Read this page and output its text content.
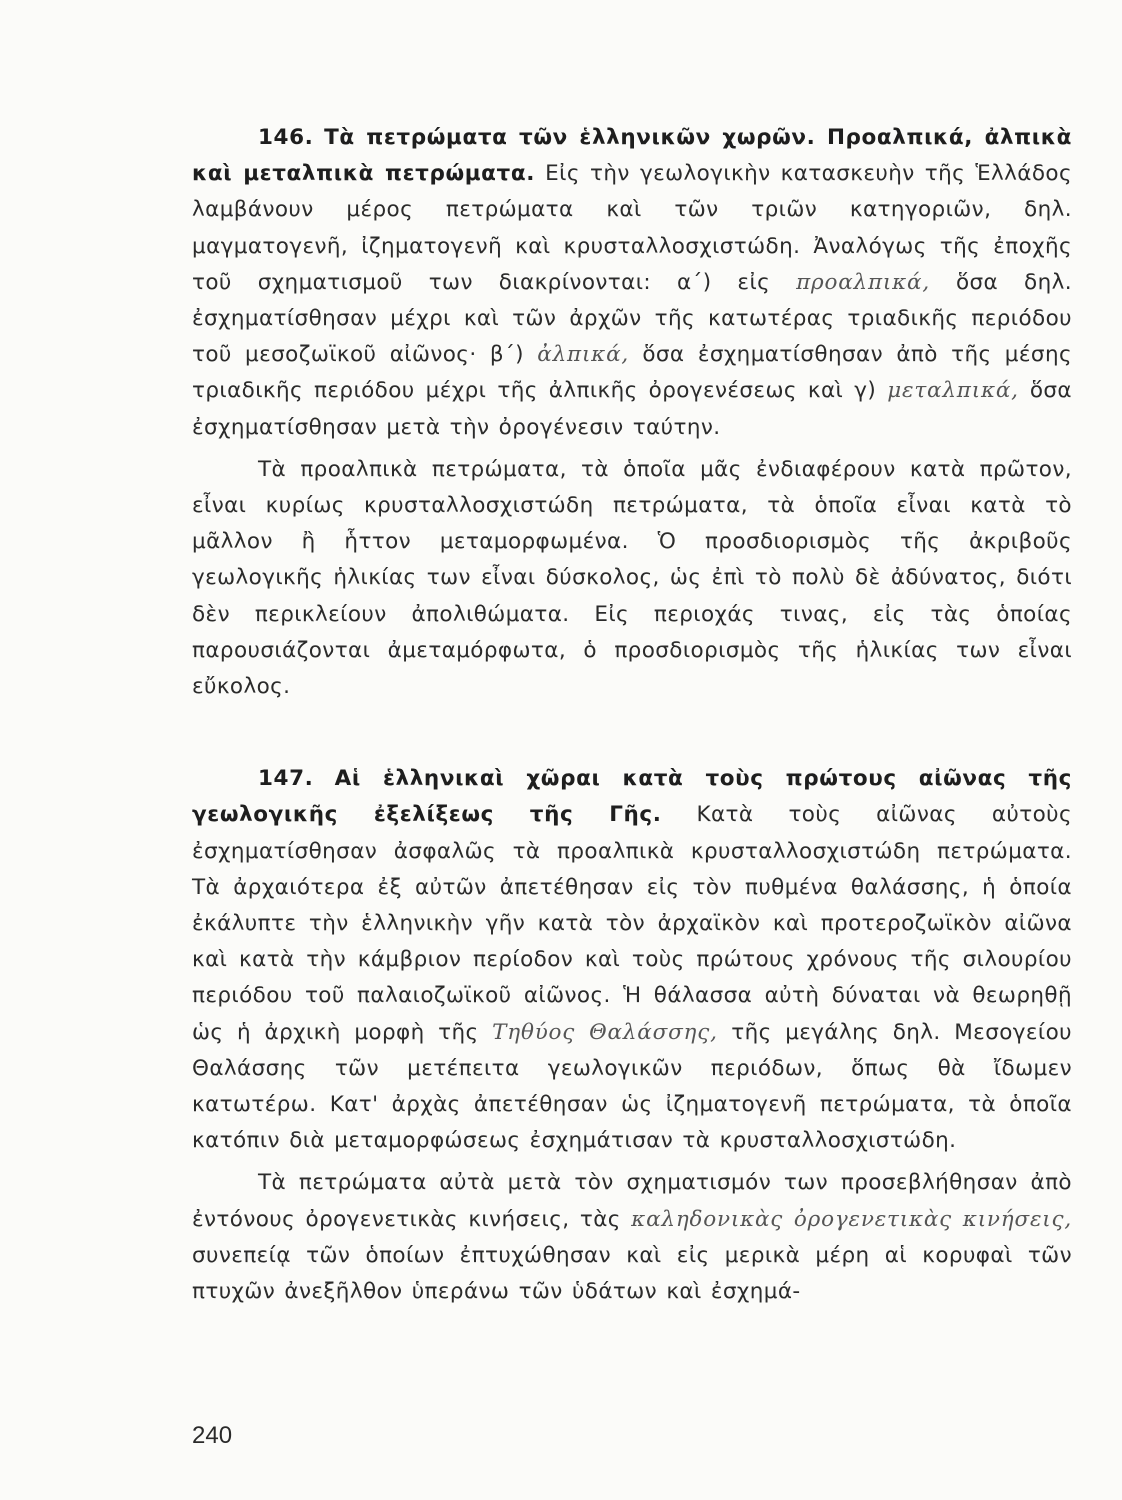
146. Τὰ πετρώματα τῶν ἑλληνικῶν χωρῶν. Προαλπικά, ἀλπικὰ καὶ μεταλπικὰ πετρώματα. Εἰς τὴν γεωλογικὴν κατασκευὴν τῆς Ἑλλάδος λαμβάνουν μέρος πετρώματα καὶ τῶν τριῶν κατηγοριῶν, δηλ. μαγματογενῆ, ἰζηματογενῆ καὶ κρυσταλλοσχιστώδη. Ἀναλόγως τῆς ἐποχῆς τοῦ σχηματισμοῦ των διακρίνονται: α΄) εἰς προαλπικά, ὅσα δηλ. ἐσχηματίσθησαν μέχρι καὶ τῶν ἀρχῶν τῆς κατωτέρας τριαδικῆς περιόδου τοῦ μεσοζωϊκοῦ αἰῶνος· β΄) ἀλπικά, ὅσα ἐσχηματίσθησαν ἀπὸ τῆς μέσης τριαδικῆς περιόδου μέχρι τῆς ἀλπικῆς ὀρογενέσεως καὶ γ) μεταλπικά, ὅσα ἐσχηματίσθησαν μετὰ τὴν ὀρογένεσιν ταύτην.

Τὰ προαλπικὰ πετρώματα, τὰ ὁποῖα μᾶς ἐνδιαφέρουν κατὰ πρῶτον, εἶναι κυρίως κρυσταλλοσχιστώδη πετρώματα, τὰ ὁποῖα εἶναι κατὰ τὸ μᾶλλον ἢ ἧττον μεταμορφωμένα. Ὁ προσδιορισμὸς τῆς ἀκριβοῦς γεωλογικῆς ἡλικίας των εἶναι δύσκολος, ὡς ἐπὶ τὸ πολὺ δὲ ἀδύνατος, διότι δὲν περικλείουν ἀπολιθώματα. Εἰς περιοχάς τινας, εἰς τὰς ὁποίας παρουσιάζονται ἀμεταμόρφωτα, ὁ προσδιορισμὸς τῆς ἡλικίας των εἶναι εὔκολος.

147. Αἱ ἑλληνικαὶ χῶραι κατὰ τοὺς πρώτους αἰῶνας τῆς γεωλογικῆς ἐξελίξεως τῆς Γῆς. Κατὰ τοὺς αἰῶνας αὐτοὺς ἐσχηματίσθησαν ἀσφαλῶς τὰ προαλπικὰ κρυσταλλοσχιστώδη πετρώματα. Τὰ ἀρχαιότερα ἐξ αὐτῶν ἀπετέθησαν εἰς τὸν πυθμένα θαλάσσης, ἡ ὁποία ἐκάλυπτε τὴν ἑλληνικὴν γῆν κατὰ τὸν ἀρχαϊκὸν καὶ προτεροζωϊκὸν αἰῶνα καὶ κατὰ τὴν κάμβριον περίοδον καὶ τοὺς πρώτους χρόνους τῆς σιλουρίου περιόδου τοῦ παλαιοζωϊκοῦ αἰῶνος. Ἡ θάλασσα αὐτὴ δύναται νὰ θεωρηθῇ ὡς ἡ ἀρχικὴ μορφὴ τῆς Τηθύος Θαλάσσης, τῆς μεγάλης δηλ. Μεσογείου Θαλάσσης τῶν μετέπειτα γεωλογικῶν περιόδων, ὅπως θὰ ἴδωμεν κατωτέρω. Κατ' ἀρχὰς ἀπετέθησαν ὡς ἰζηματογενῆ πετρώματα, τὰ ὁποῖα κατόπιν διὰ μεταμορφώσεως ἐσχημάτισαν τὰ κρυσταλλοσχιστώδη.

Τὰ πετρώματα αὐτὰ μετὰ τὸν σχηματισμόν των προσεβλήθησαν ἀπὸ ἐντόνους ὀρογενετικὰς κινήσεις, τὰς καληδονικὰς ὀρογενετικὰς κινήσεις, συνεπείᾳ τῶν ὁποίων ἐπτυχώθησαν καὶ εἰς μερικὰ μέρη αἱ κορυφαὶ τῶν πτυχῶν ἀνεξῆλθον ὑπεράνω τῶν ὑδάτων καὶ ἐσχημά-

240
